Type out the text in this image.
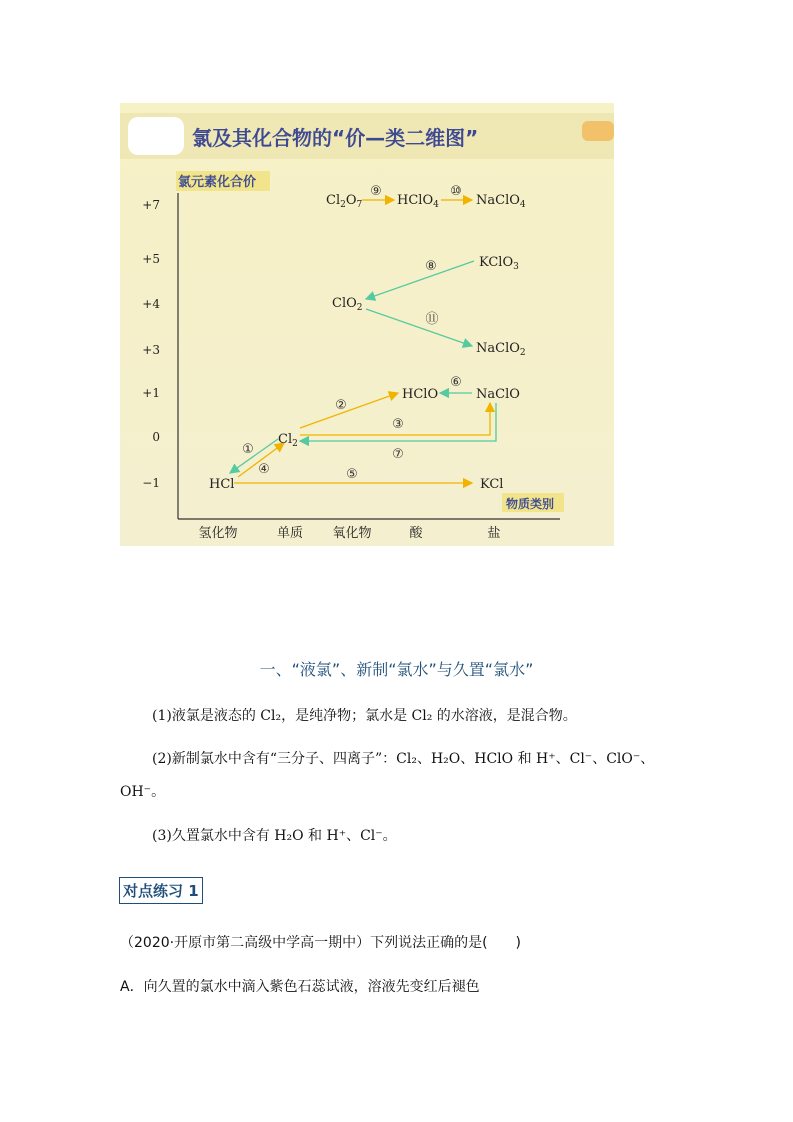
氯及其化合物的“价—类二维图”
氯元素化合价
+7
+5
+4
+3
+1
0
−1
氢化物	单质 氧化物	酸	盐
物质类别
①
②
③
④	⑤
⑥
⑦
⑧
⑨	⑩
⑪
$Cl_2O_7$	HClO$_4$	NaClO$_4$
KClO$_3$
ClO$_2$
NaClO$_2$
HClO	NaClO
$Cl_2$
HCl	KCl
一、“液氯”、新制“氯水”与久置“氯水”
(1)液氯是液态的 Cl₂，是纯净物；氯水是 Cl₂ 的水溶液，是混合物。
(2)新制氯水中含有“三分子、四离子”：Cl₂、H₂O、HClO 和 H⁺、Cl⁻、ClO⁻、OH⁻。
(3)久置氯水中含有 H₂O 和 H⁺、Cl⁻。
对点练习 1
（2020·开原市第二高级中学高一期中）下列说法正确的是(　　)
A．向久置的氯水中滴入紫色石蕊试液，溶液先变红后褪色
